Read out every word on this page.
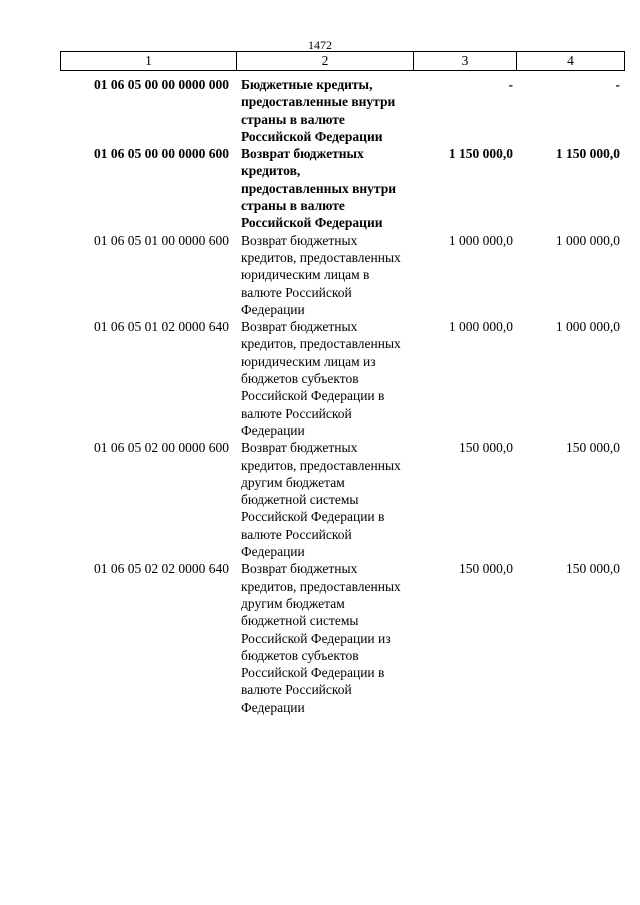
1472
1	2	3	4
01 06 05 00 00 0000 000	Бюджетные кредиты, предоставленные внутри страны в валюте Российской Федерации	-	-
01 06 05 00 00 0000 600	Возврат бюджетных кредитов, предоставленных внутри страны в валюте Российской Федерации	1 150 000,0	1 150 000,0
01 06 05 01 00 0000 600	Возврат бюджетных кредитов, предоставленных юридическим лицам в валюте Российской Федерации	1 000 000,0	1 000 000,0
01 06 05 01 02 0000 640	Возврат бюджетных кредитов, предоставленных юридическим лицам из бюджетов субъектов Российской Федерации в валюте Российской Федерации	1 000 000,0	1 000 000,0
01 06 05 02 00 0000 600	Возврат бюджетных кредитов, предоставленных другим бюджетам бюджетной системы Российской Федерации в валюте Российской Федерации	150 000,0	150 000,0
01 06 05 02 02 0000 640	Возврат бюджетных кредитов, предоставленных другим бюджетам бюджетной системы Российской Федерации из бюджетов субъектов Российской Федерации в валюте Российской Федерации	150 000,0	150 000,0
